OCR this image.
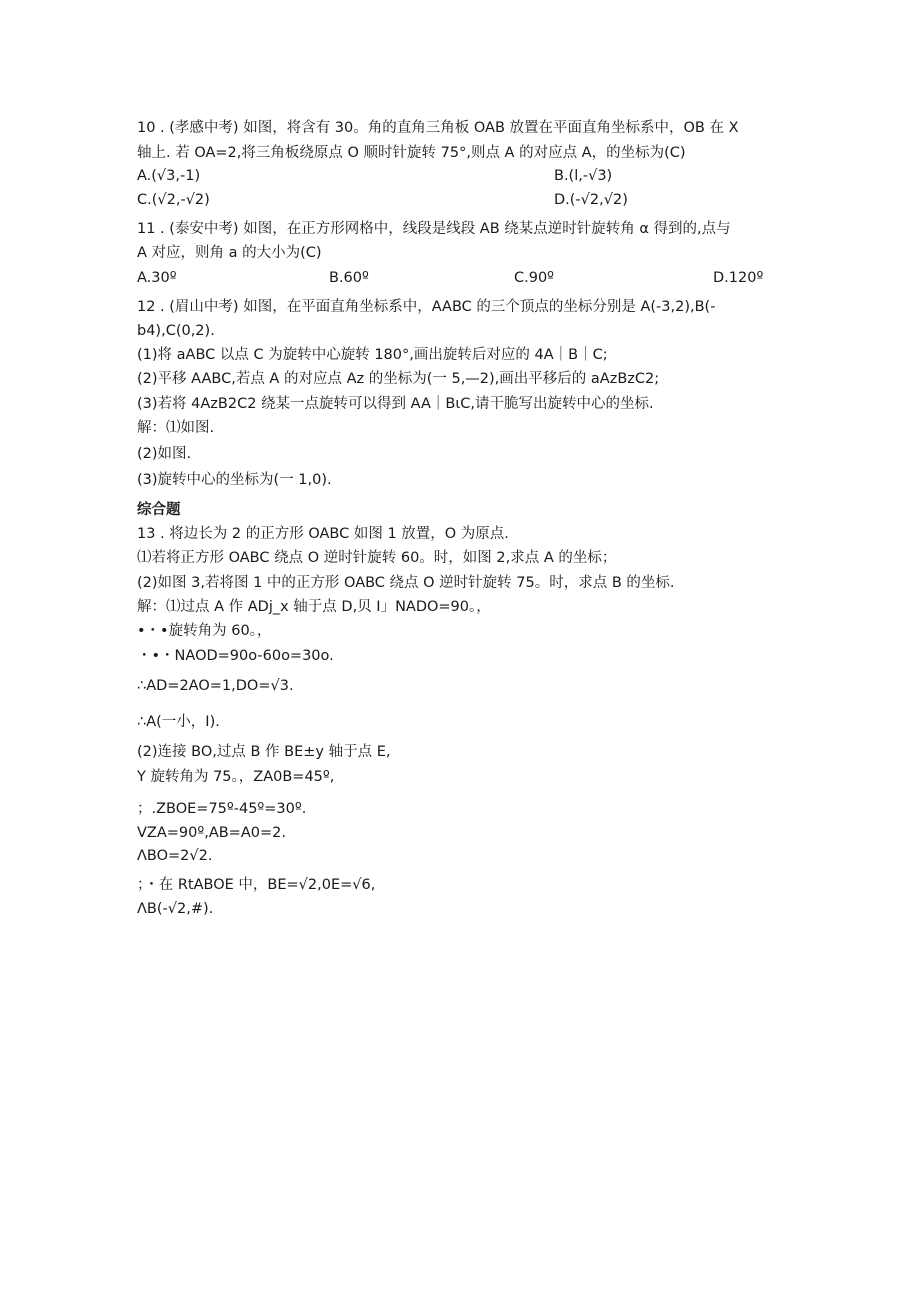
10 . (孝感中考) 如图，将含有 30。角的直角三角板 OAB 放置在平面直角坐标系中，OB 在 X
轴上. 若 OA=2,将三角板绕原点 O 顺时针旋转 75°,则点 A 的对应点 A，的坐标为(C)
A.(√3,-1)	B.(l,-√3)
C.(√2,-√2)	D.(-√2,√2)
11 . (泰安中考) 如图，在正方形网格中，线段是线段 AB 绕某点逆时针旋转角 α 得到的,点与
A 对应，则角 a 的大小为(C)
A.30º	B.60º	C.90º	D.120º
12 . (眉山中考) 如图，在平面直角坐标系中，AABC 的三个顶点的坐标分别是 A(-3,2),B(-
b4),C(0,2).
(1)将 aABC 以点 C 为旋转中心旋转 180°,画出旋转后对应的 4A｜B｜C;
(2)平移 AABC,若点 A 的对应点 Az 的坐标为(一 5,—2),画出平移后的 aAzBzC2;
(3)若将 4AzB2C2 绕某一点旋转可以得到 AA｜BιC,请干脆写出旋转中心的坐标.
解：⑴如图.
(2)如图.
(3)旋转中心的坐标为(一 1,0).
综合题
13 . 将边长为 2 的正方形 OABC 如图 1 放置，O 为原点.
⑴若将正方形 OABC 绕点 O 逆时针旋转 60。时，如图 2,求点 A 的坐标；
(2)如图 3,若将图 1 中的正方形 OABC 绕点 O 逆时针旋转 75。时，求点 B 的坐标.
解：⑴过点 A 作 ADj_x 轴于点 D,贝 I」NADO=90。，
•・•旋转角为 60。，
・•・NAOD=90o-60o=30o.
∴AD=2AO=1,DO=√3.
∴A(一小，I).
(2)连接 BO,过点 B 作 BE±y 轴于点 E,
Y 旋转角为 75。，ZA0B=45º,
；.ZBOE=75º-45º=30º.
VZA=90º,AB=A0=2.
ΛBO=2√2.
；・在 RtABOE 中，BE=√2,0E=√6,
ΛB(-√2,#).
